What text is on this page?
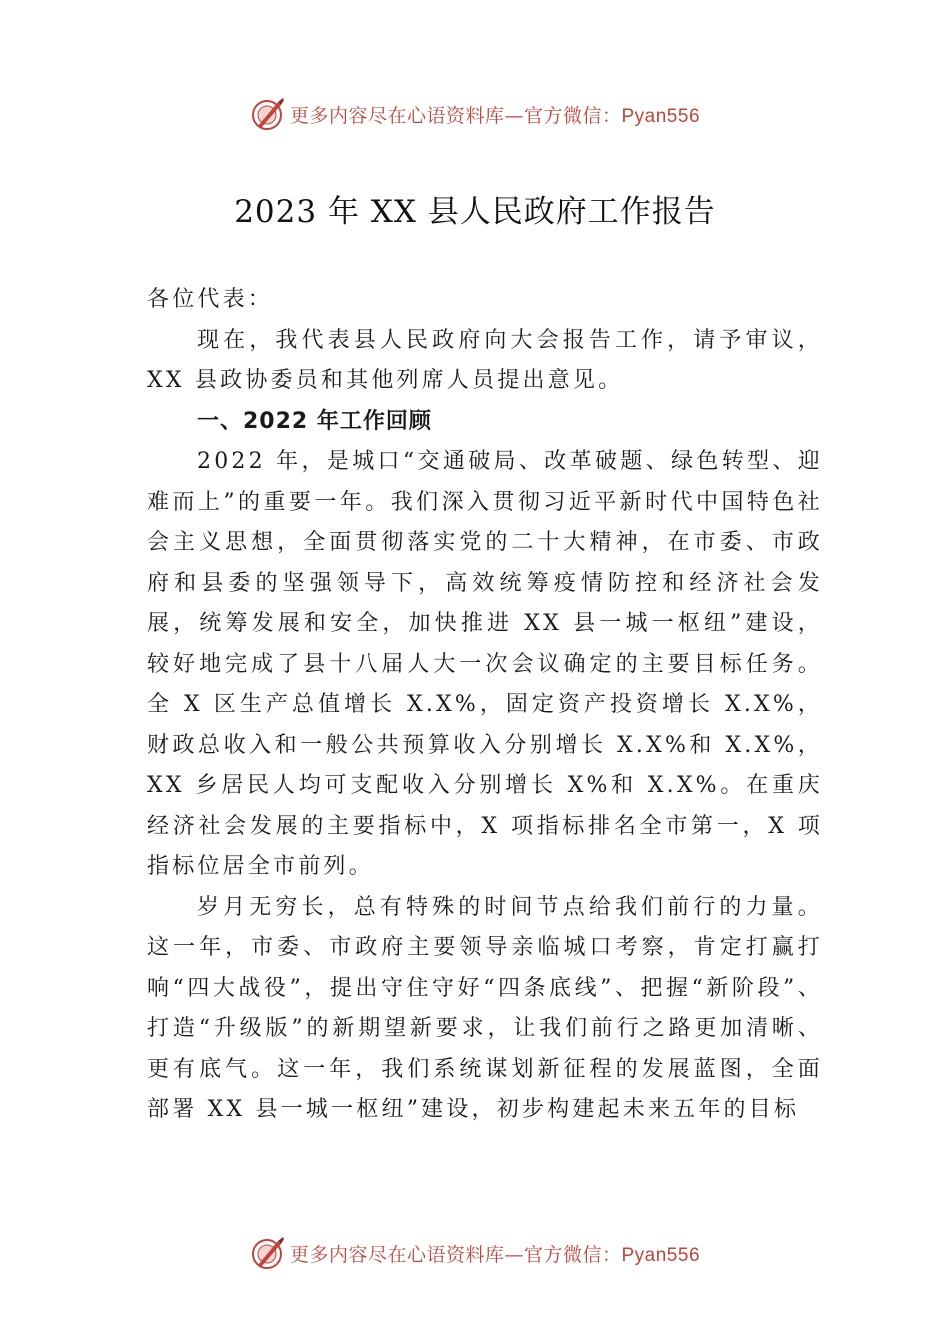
更多内容尽在心语资料库—官方微信：Pyan556
2023 年 XX 县人民政府工作报告

各位代表：

现在，我代表县人民政府向大会报告工作，请予审议，XX 县政协委员和其他列席人员提出意见。

一、2022 年工作回顾

2022 年，是城口“交通破局、改革破题、绿色转型、迎难而上”的重要一年。我们深入贯彻习近平新时代中国特色社会主义思想，全面贯彻落实党的二十大精神，在市委、市政府和县委的坚强领导下，高效统筹疫情防控和经济社会发展，统筹发展和安全，加快推进 XX 县一城一枢纽”建设， 较好地完成了县十八届人大一次会议确定的主要目标任务。 全 X 区生产总值增长 X.X%，固定资产投资增长 X.X%，财政总收入和一般公共预算收入分别增长 X.X%和 X.X%，XX 乡居民人均可支配收入分别增长 X%和 X.X%。在重庆经济社会发展的主要指标中，X 项指标排名全市第一，X 项指标位居全市前列。

岁月无穷长，总有特殊的时间节点给我们前行的力量。这一年，市委、市政府主要领导亲临城口考察，肯定打赢打响“四大战役”，提出守住守好“四条底线”、把握“新阶段”、打造“升级版”的新期望新要求，让我们前行之路更加清晰、更有底气。这一年，我们系统谋划新征程的发展蓝图，全面部署 XX 县一城一枢纽”建设，初步构建起未来五年的目标

更多内容尽在心语资料库—官方微信：Pyan556
